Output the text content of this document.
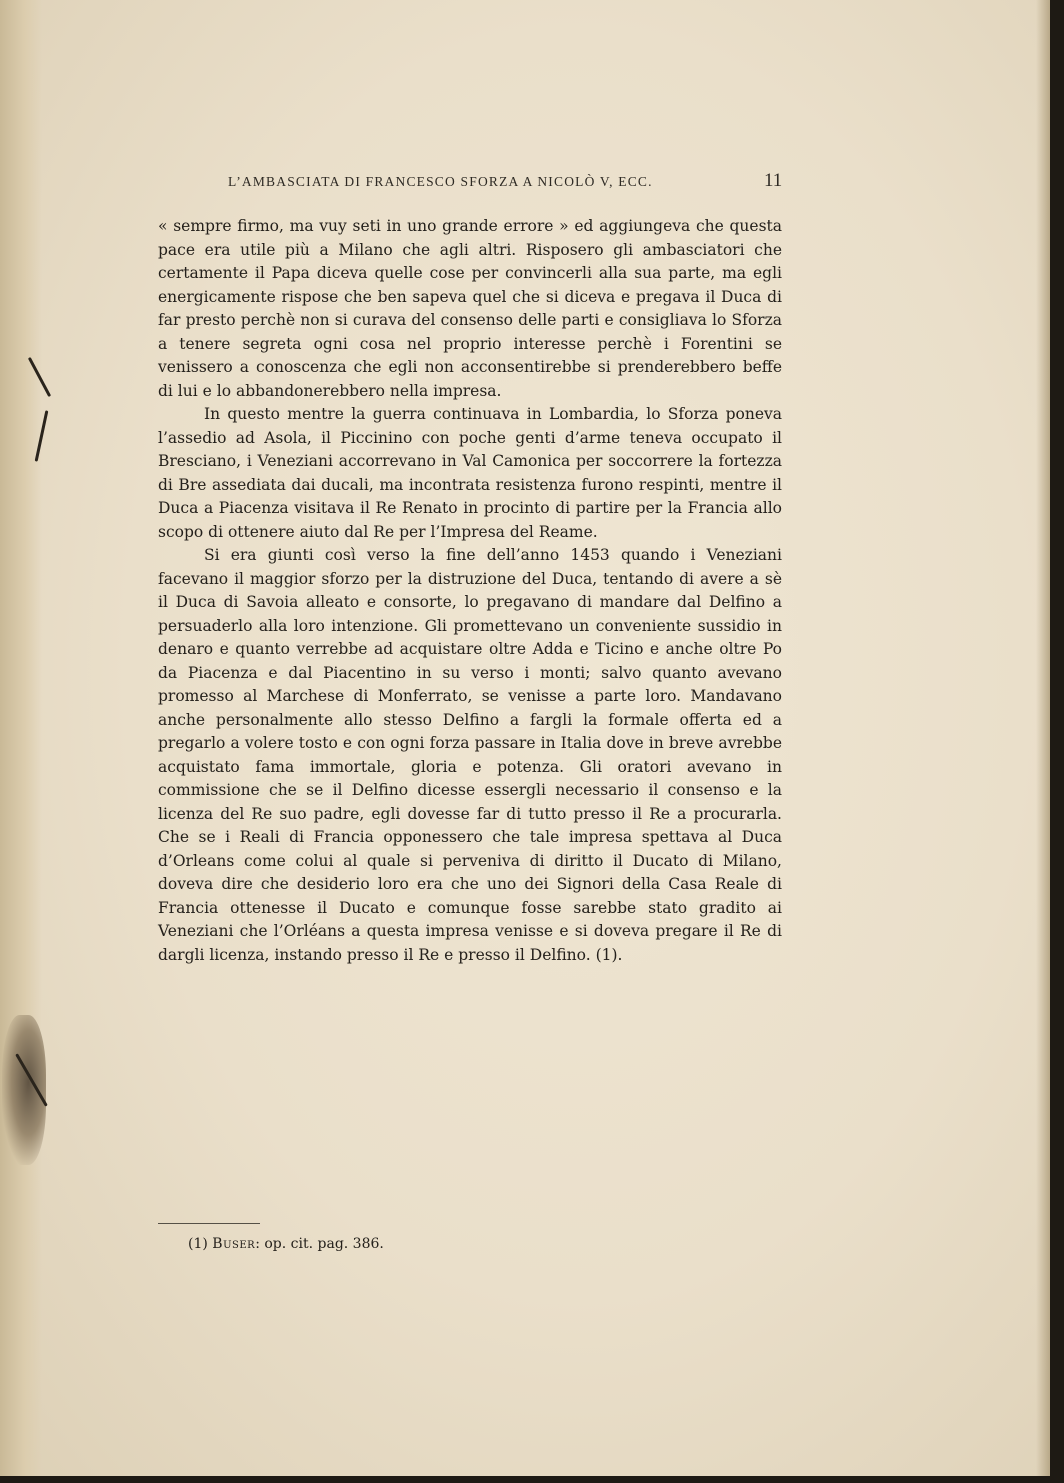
L’AMBASCIATA DI FRANCESCO SFORZA A NICOLÒ V, ECC.	11

« sempre firmo, ma vuy seti in uno grande errore » ed aggiungeva che questa pace era utile più a Milano che agli altri. Risposero gli ambasciatori che certamente il Papa diceva quelle cose per convincerli alla sua parte, ma egli energicamente rispose che ben sapeva quel che si diceva e pregava il Duca di far presto perchè non si curava del consenso delle parti e consigliava lo Sforza a tenere segreta ogni cosa nel proprio interesse perchè i Forentini se venissero a conoscenza che egli non acconsentirebbe si prenderebbero beffe di lui e lo abbandonerebbero nella impresa.

In questo mentre la guerra continuava in Lombardia, lo Sforza poneva l’assedio ad Asola, il Piccinino con poche genti d’arme teneva occupato il Bresciano, i Veneziani accorrevano in Val Camonica per soccorrere la fortezza di Bre assediata dai ducali, ma incontrata resistenza furono respinti, mentre il Duca a Piacenza visitava il Re Renato in procinto di partire per la Francia allo scopo di ottenere aiuto dal Re per l’Impresa del Reame.

Si era giunti così verso la fine dell’anno 1453 quando i Veneziani facevano il maggior sforzo per la distruzione del Duca, tentando di avere a sè il Duca di Savoia alleato e consorte, lo pregavano di mandare dal Delfino a persuaderlo alla loro intenzione. Gli promettevano un conveniente sussidio in denaro e quanto verrebbe ad acquistare oltre Adda e Ticino e anche oltre Po da Piacenza e dal Piacentino in su verso i monti; salvo quanto avevano promesso al Marchese di Monferrato, se venisse a parte loro. Mandavano anche personalmente allo stesso Delfino a fargli la formale offerta ed a pregarlo a volere tosto e con ogni forza passare in Italia dove in breve avrebbe acquistato fama immortale, gloria e potenza. Gli oratori avevano in commissione che se il Delfino dicesse essergli necessario il consenso e la licenza del Re suo padre, egli dovesse far di tutto presso il Re a procurarla. Che se i Reali di Francia opponessero che tale impresa spettava al Duca d’Orleans come colui al quale si perveniva di diritto il Ducato di Milano, doveva dire che desiderio loro era che uno dei Signori della Casa Reale di Francia ottenesse il Ducato e comunque fosse sarebbe stato gradito ai Veneziani che l’Orléans a questa impresa venisse e si doveva pregare il Re di dargli licenza, instando presso il Re e presso il Delfino. (1).

(1) Buser: op. cit. pag. 386.
